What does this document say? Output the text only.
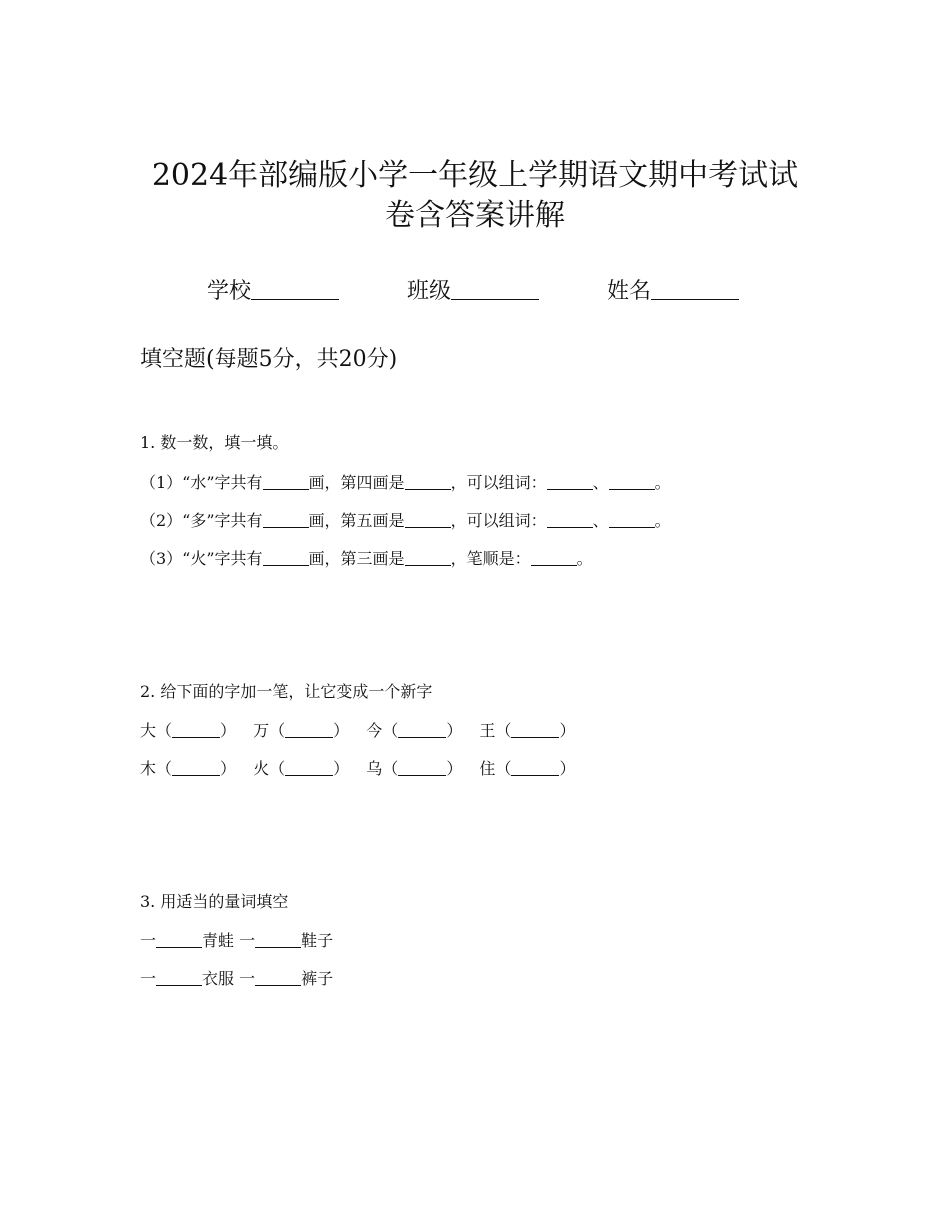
2024年部编版小学一年级上学期语文期中考试试
卷含答案讲解
学校	班级	姓名
填空题(每题5分，共20分)
1. 数一数，填一填。
（1）“水”字共有	画，第四画是	，可以组词：	、	。
（2）“多”字共有	画，第五画是	，可以组词：	、	。
（3）“火”字共有	画，第三画是	，笔顺是：	。
2. 给下面的字加一笔，让它变成一个新字
大（	） 万（	） 今（	） 王（	）
木（	） 火（	） 乌（	） 住（	）
3. 用适当的量词填空
一	青蛙 一	鞋子
一	衣服 一	裤子
